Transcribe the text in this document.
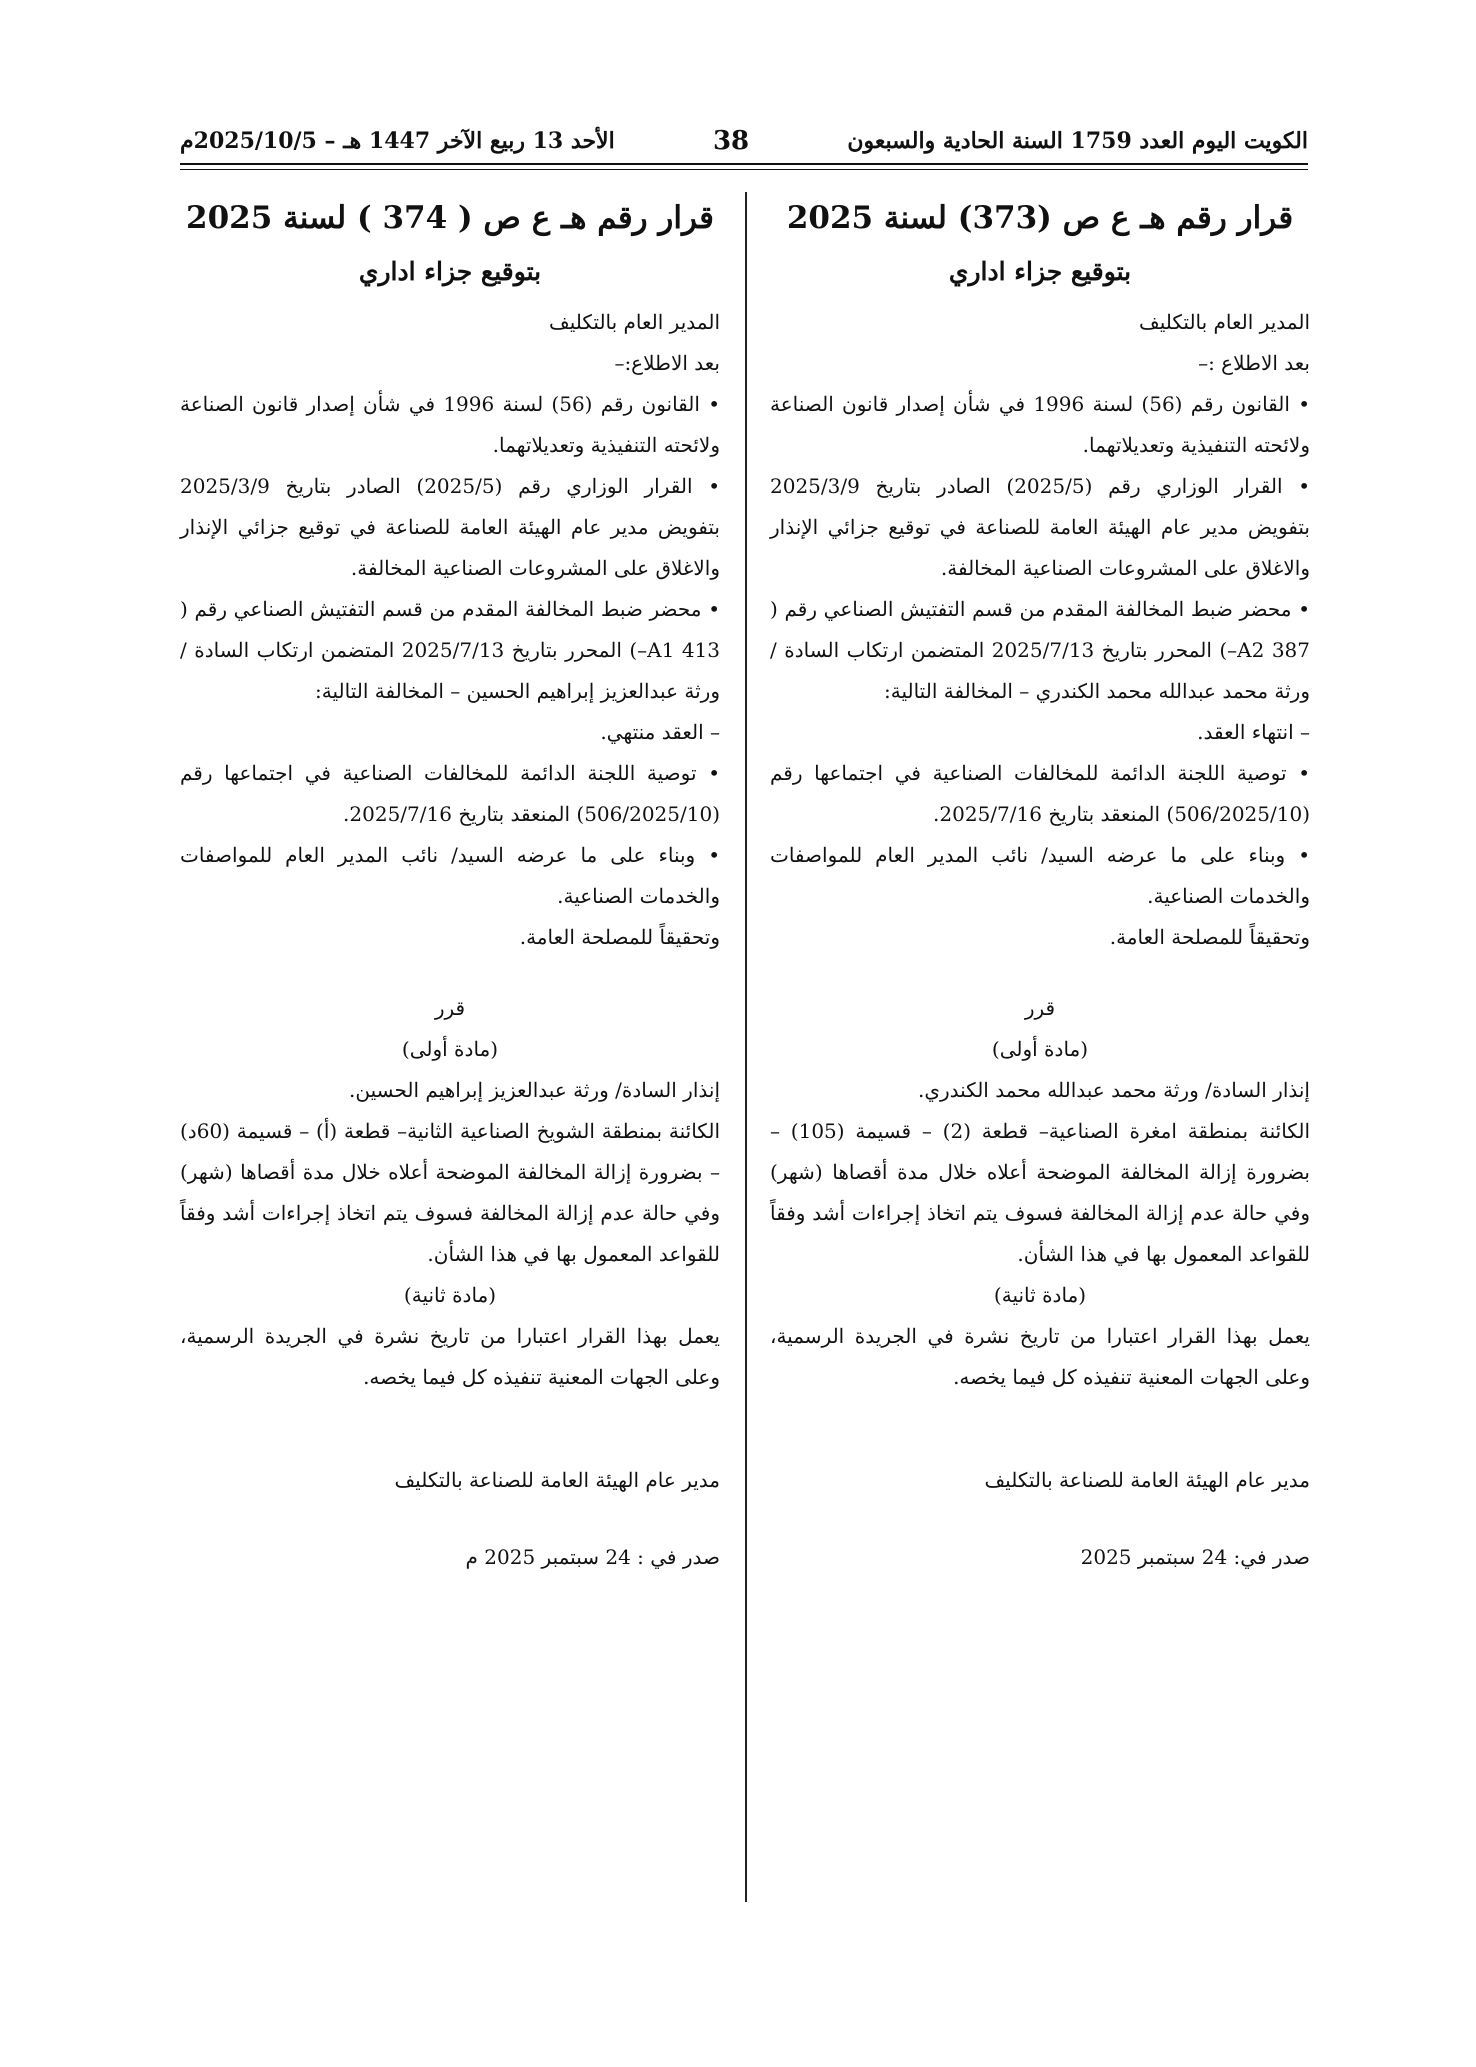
الكويت اليوم العدد 1759 السنة الحادية والسبعون
38
الأحد 13 ربيع الآخر 1447 هـ – 2025/10/5م
قرار رقم هـ ع ص (373) لسنة 2025
بتوقيع جزاء اداري

المدير العام بالتكليف

بعد الاطلاع :–

• القانون رقم (56) لسنة 1996 في شأن إصدار قانون الصناعة ولائحته التنفيذية وتعديلاتهما.

• القرار الوزاري رقم (2025/5) الصادر بتاريخ 2025/3/9 بتفويض مدير عام الهيئة العامة للصناعة في توقيع جزائي الإنذار والاغلاق على المشروعات الصناعية المخالفة.

• محضر ضبط المخالفة المقدم من قسم التفتيش الصناعي رقم ( A2 387–) المحرر بتاريخ 2025/7/13 المتضمن ارتكاب السادة / ورثة محمد عبدالله محمد الكندري – المخالفة التالية:

– انتهاء العقد.

• توصية اللجنة الدائمة للمخالفات الصناعية في اجتماعها رقم (506/2025/10) المنعقد بتاريخ 2025/7/16.

• وبناء على ما عرضه السيد/ نائب المدير العام للمواصفات والخدمات الصناعية.

وتحقيقاً للمصلحة العامة.

قرر

(مادة أولى)

إنذار السادة/ ورثة محمد عبدالله محمد الكندري.

الكائنة بمنطقة امغرة الصناعية– قطعة (2) – قسيمة (105) – بضرورة إزالة المخالفة الموضحة أعلاه خلال مدة أقصاها (شهر) وفي حالة عدم إزالة المخالفة فسوف يتم اتخاذ إجراءات أشد وفقاً للقواعد المعمول بها في هذا الشأن.

(مادة ثانية)

يعمل بهذا القرار اعتبارا من تاريخ نشرة في الجريدة الرسمية، وعلى الجهات المعنية تنفيذه كل فيما يخصه.

مدير عام الهيئة العامة للصناعة بالتكليف

صدر في: 24 سبتمبر 2025

قرار رقم هـ ع ص ( 374 ) لسنة 2025
بتوقيع جزاء اداري

المدير العام بالتكليف

بعد الاطلاع:–

• القانون رقم (56) لسنة 1996 في شأن إصدار قانون الصناعة ولائحته التنفيذية وتعديلاتهما.

• القرار الوزاري رقم (2025/5) الصادر بتاريخ 2025/3/9 بتفويض مدير عام الهيئة العامة للصناعة في توقيع جزائي الإنذار والاغلاق على المشروعات الصناعية المخالفة.

• محضر ضبط المخالفة المقدم من قسم التفتيش الصناعي رقم ( A1 413–) المحرر بتاريخ 2025/7/13 المتضمن ارتكاب السادة / ورثة عبدالعزيز إبراهيم الحسين – المخالفة التالية:

– العقد منتهي.

• توصية اللجنة الدائمة للمخالفات الصناعية في اجتماعها رقم (506/2025/10) المنعقد بتاريخ 2025/7/16.

• وبناء على ما عرضه السيد/ نائب المدير العام للمواصفات والخدمات الصناعية.

وتحقيقاً للمصلحة العامة.

قرر

(مادة أولى)

إنذار السادة/ ورثة عبدالعزيز إبراهيم الحسين.

الكائنة بمنطقة الشويخ الصناعية الثانية– قطعة (أ) – قسيمة (60د) – بضرورة إزالة المخالفة الموضحة أعلاه خلال مدة أقصاها (شهر) وفي حالة عدم إزالة المخالفة فسوف يتم اتخاذ إجراءات أشد وفقاً للقواعد المعمول بها في هذا الشأن.

(مادة ثانية)

يعمل بهذا القرار اعتبارا من تاريخ نشرة في الجريدة الرسمية، وعلى الجهات المعنية تنفيذه كل فيما يخصه.

مدير عام الهيئة العامة للصناعة بالتكليف

صدر في : 24 سبتمبر 2025 م
